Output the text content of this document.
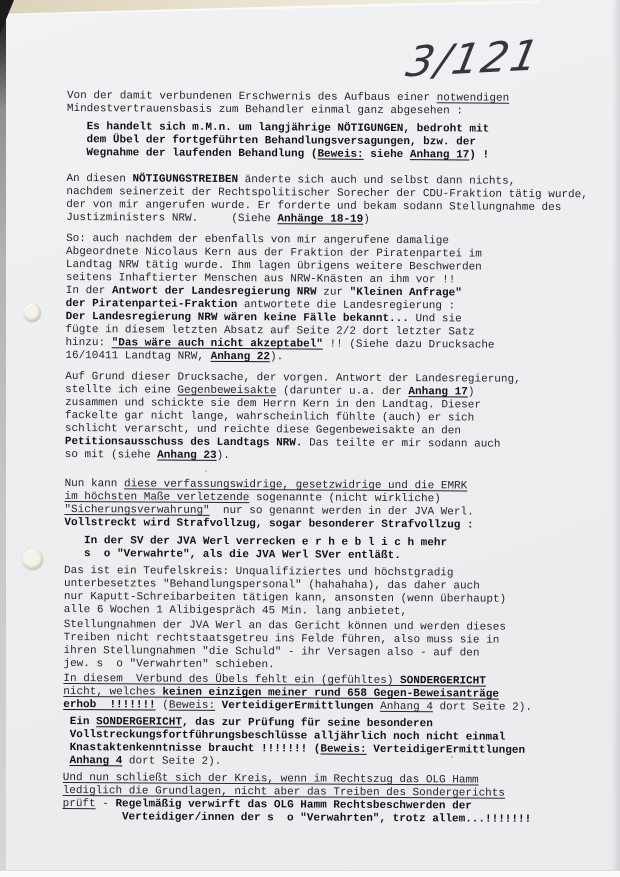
3/121
Von der damit verbundenen Erschwernis des Aufbaus einer notwendigen
Mindestvertrauensbasis zum Behandler einmal ganz abgesehen :
Es handelt sich m.M.n. um langjährige NÖTIGUNGEN, bedroht mit
dem Übel der fortgeführten Behandlungsversagungen, bzw. der
Wegnahme der laufenden Behandlung (Beweis: siehe Anhang 17) !
An diesen NÖTIGUNGSTREIBEN änderte sich auch und selbst dann nichts,
nachdem seinerzeit der Rechtspolitischer Sorecher der CDU-Fraktion tätig wurde,
der von mir angerufen wurde. Er forderte und bekam sodann Stellungnahme des
Justizministers NRW.     (Siehe Anhänge 18-19)
So: auch nachdem der ebenfalls von mir angerufene damalige
Abgeordnete Nicolaus Kern aus der Fraktion der Piratenpartei im
Landtag NRW tätig wurde. Ihm lagen übrigens weitere Beschwerden
seitens Inhaftierter Menschen aus NRW-Knästen an ihm vor !!
In der Antwort der Landesregierung NRW zur "Kleinen Anfrage"
der Piratenpartei-Fraktion antwortete die Landesregierung :
Der Landesregierung NRW wären keine Fälle bekannt... Und sie
fügte in diesem letzten Absatz auf Seite 2/2 dort letzter Satz
hinzu: "Das wäre auch nicht akzeptabel" !! (Siehe dazu Drucksache
16/10411 Landtag NRW, Anhang 22).
Auf Grund dieser Drucksache, der vorgen. Antwort der Landesregierung,
stellte ich eine Gegenbeweisakte (darunter u.a. der Anhang 17)
zusammen und schickte sie dem Herrn Kern in den Landtag. Dieser
fackelte gar nicht lange, wahrscheinlich fühlte (auch) er sich
schlicht verarscht, und reichte diese Gegenbeweisakte an den
Petitionsausschuss des Landtags NRW. Das teilte er mir sodann auch
so mit (siehe Anhang 23).
Nun kann diese verfassungswidrige, gesetzwidrige und die EMRK
im höchsten Maße verletzende sogenannte (nicht wirkliche)
"Sicherungsverwahrung"  nur so genannt werden in der JVA Werl.
Vollstreckt wird Strafvollzug, sogar besonderer Strafvollzug :
In der SV der JVA Werl verrecken e r h e b l i c h mehr
s  o "Verwahrte", als die JVA Werl SVer entläßt.
Das ist ein Teufelskreis: Unqualifiziertes und höchstgradig
unterbesetztes "Behandlungspersonal" (hahahaha), das daher auch
nur Kaputt-Schreibarbeiten tätigen kann, ansonsten (wenn überhaupt)
alle 6 Wochen 1 Alibigespräch 45 Min. lang anbietet,
Stellungnahmen der JVA Werl an das Gericht können und werden dieses
Treiben nicht rechtstaatsgetreu ins Felde führen, also muss sie in
ihren Stellungnahmen "die Schuld" - ihr Versagen also - auf den
jew. s  o "Verwahrten" schieben.
In diesem  Verbund des Übels fehlt ein (gefühltes) SONDERGERICHT
nicht, welches keinen einzigen meiner rund 658 Gegen-Beweisanträge
erhob  !!!!!!! (Beweis: VerteidigerErmittlungen Anhang 4 dort Seite 2).
Ein SONDERGERICHT, das zur Prüfung für seine besonderen
Vollstreckungsfortführungsbeschlüsse alljährlich noch nicht einmal
Knastaktenkenntnisse braucht !!!!!!! (Beweis: VerteidigerErmittlungen
Anhang 4 dort Seite 2).
Und nun schließt sich der Kreis, wenn im Rechtszug das OLG Hamm
lediglich die Grundlagen, nicht aber das Treiben des Sondergerichts
prüft - Regelmäßig verwirft das OLG Hamm Rechtsbeschwerden der
Verteidiger/innen der s  o "Verwahrten", trotz allem...!!!!!!!
